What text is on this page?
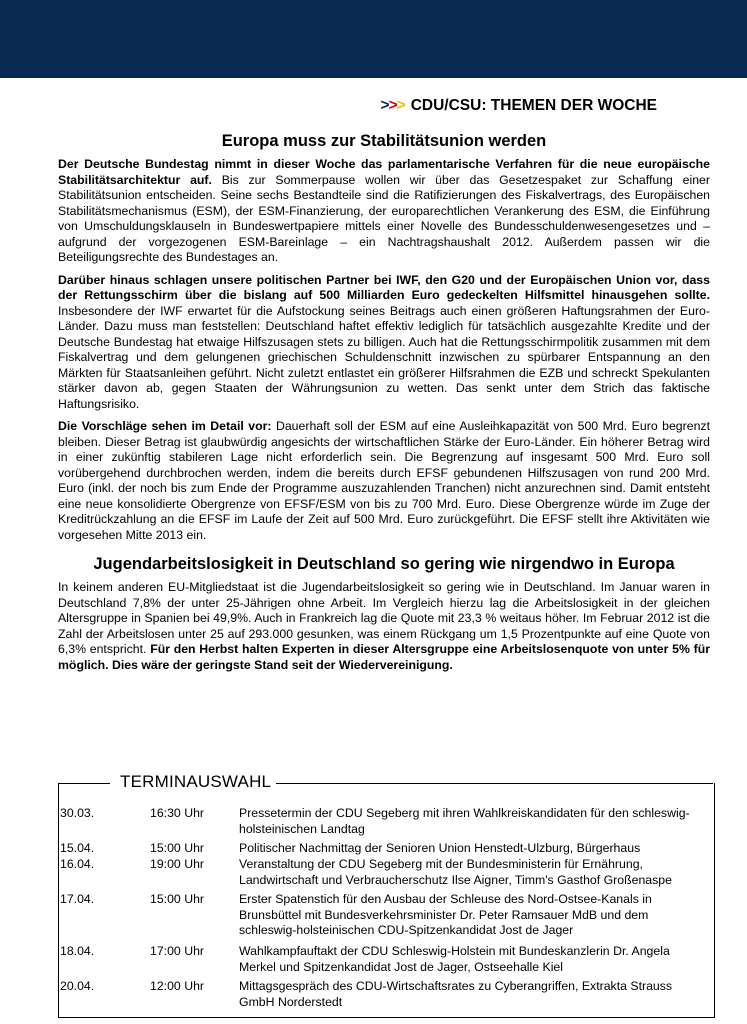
>>> CDU/CSU: THEMEN DER WOCHE
Europa muss zur Stabilitätsunion werden

Der Deutsche Bundestag nimmt in dieser Woche das parlamentarische Verfahren für die neue europäische Stabilitätsarchitektur auf. Bis zur Sommerpause wollen wir über das Gesetzespaket zur Schaffung einer Stabilitätsunion entscheiden. Seine sechs Bestandteile sind die Ratifizierungen des Fiskalvertrags, des Europäischen Stabilitätsmechanismus (ESM), der ESM-Finanzierung, der europarechtlichen Verankerung des ESM, die Einführung von Umschuldungsklauseln in Bundeswertpapiere mittels einer Novelle des Bundesschuldenwesengesetzes und – aufgrund der vorgezogenen ESM-Bareinlage – ein Nachtragshaushalt 2012. Außerdem passen wir die Beteiligungsrechte des Bundestages an.

Darüber hinaus schlagen unsere politischen Partner bei IWF, den G20 und der Europäischen Union vor, dass der Rettungsschirm über die bislang auf 500 Milliarden Euro gedeckelten Hilfsmittel hinausgehen sollte. Insbesondere der IWF erwartet für die Aufstockung seines Beitrags auch einen größeren Haftungsrahmen der Euro-Länder. Dazu muss man feststellen: Deutschland haftet effektiv lediglich für tatsächlich ausgezahlte Kredite und der Deutsche Bundestag hat etwaige Hilfszusagen stets zu billigen. Auch hat die Rettungsschirmpolitik zusammen mit dem Fiskalvertrag und dem gelungenen griechischen Schuldenschnitt inzwischen zu spürbarer Entspannung an den Märkten für Staatsanleihen geführt. Nicht zuletzt entlastet ein größerer Hilfsrahmen die EZB und schreckt Spekulanten stärker davon ab, gegen Staaten der Währungsunion zu wetten. Das senkt unter dem Strich das faktische Haftungsrisiko.

Die Vorschläge sehen im Detail vor: Dauerhaft soll der ESM auf eine Ausleihkapazität von 500 Mrd. Euro begrenzt bleiben. Dieser Betrag ist glaubwürdig angesichts der wirtschaftlichen Stärke der Euro-Länder. Ein höherer Betrag wird in einer zukünftig stabileren Lage nicht erforderlich sein. Die Begrenzung auf insgesamt 500 Mrd. Euro soll vorübergehend durchbrochen werden, indem die bereits durch EFSF gebundenen Hilfszusagen von rund 200 Mrd. Euro (inkl. der noch bis zum Ende der Programme auszuzahlenden Tranchen) nicht anzurechnen sind. Damit entsteht eine neue konsolidierte Obergrenze von EFSF/ESM von bis zu 700 Mrd. Euro. Diese Obergrenze würde im Zuge der Kreditrückzahlung an die EFSF im Laufe der Zeit auf 500 Mrd. Euro zurückgeführt. Die EFSF stellt ihre Aktivitäten wie vorgesehen Mitte 2013 ein.

Jugendarbeitslosigkeit in Deutschland so gering wie nirgendwo in Europa

In keinem anderen EU-Mitgliedstaat ist die Jugendarbeitslosigkeit so gering wie in Deutschland. Im Januar waren in Deutschland 7,8% der unter 25-Jährigen ohne Arbeit. Im Vergleich hierzu lag die Arbeitslosigkeit in der gleichen Altersgruppe in Spanien bei 49,9%. Auch in Frankreich lag die Quote mit 23,3 % weitaus höher. Im Februar 2012 ist die Zahl der Arbeitslosen unter 25 auf 293.000 gesunken, was einem Rückgang um 1,5 Prozentpunkte auf eine Quote von 6,3% entspricht. Für den Herbst halten Experten in dieser Altersgruppe eine Arbeitslosenquote von unter 5% für möglich. Dies wäre der geringste Stand seit der Wiedervereinigung.

TERMINAUSWAHL
30.03.	16:30 Uhr	Pressetermin der CDU Segeberg mit ihren Wahlkreiskandidaten für den schleswig-holsteinischen Landtag
15.04.	15:00 Uhr	Politischer Nachmittag der Senioren Union Henstedt-Ulzburg, Bürgerhaus
16.04.	19:00 Uhr	Veranstaltung der CDU Segeberg mit der Bundesministerin für Ernährung, Landwirtschaft und Verbraucherschutz Ilse Aigner, Timm's Gasthof Großenaspe
17.04.	15:00 Uhr	Erster Spatenstich für den Ausbau der Schleuse des Nord-Ostsee-Kanals in Brunsbüttel mit Bundesverkehrsminister Dr. Peter Ramsauer MdB und dem schleswig-holsteinischen CDU-Spitzenkandidat Jost de Jager
18.04.	17:00 Uhr	Wahlkampfauftakt der CDU Schleswig-Holstein mit Bundeskanzlerin Dr. Angela Merkel und Spitzenkandidat Jost de Jager, Ostseehalle Kiel
20.04.	12:00 Uhr	Mittagsgespräch des CDU-Wirtschaftsrates zu Cyberangriffen, Extrakta Strauss GmbH Norderstedt
